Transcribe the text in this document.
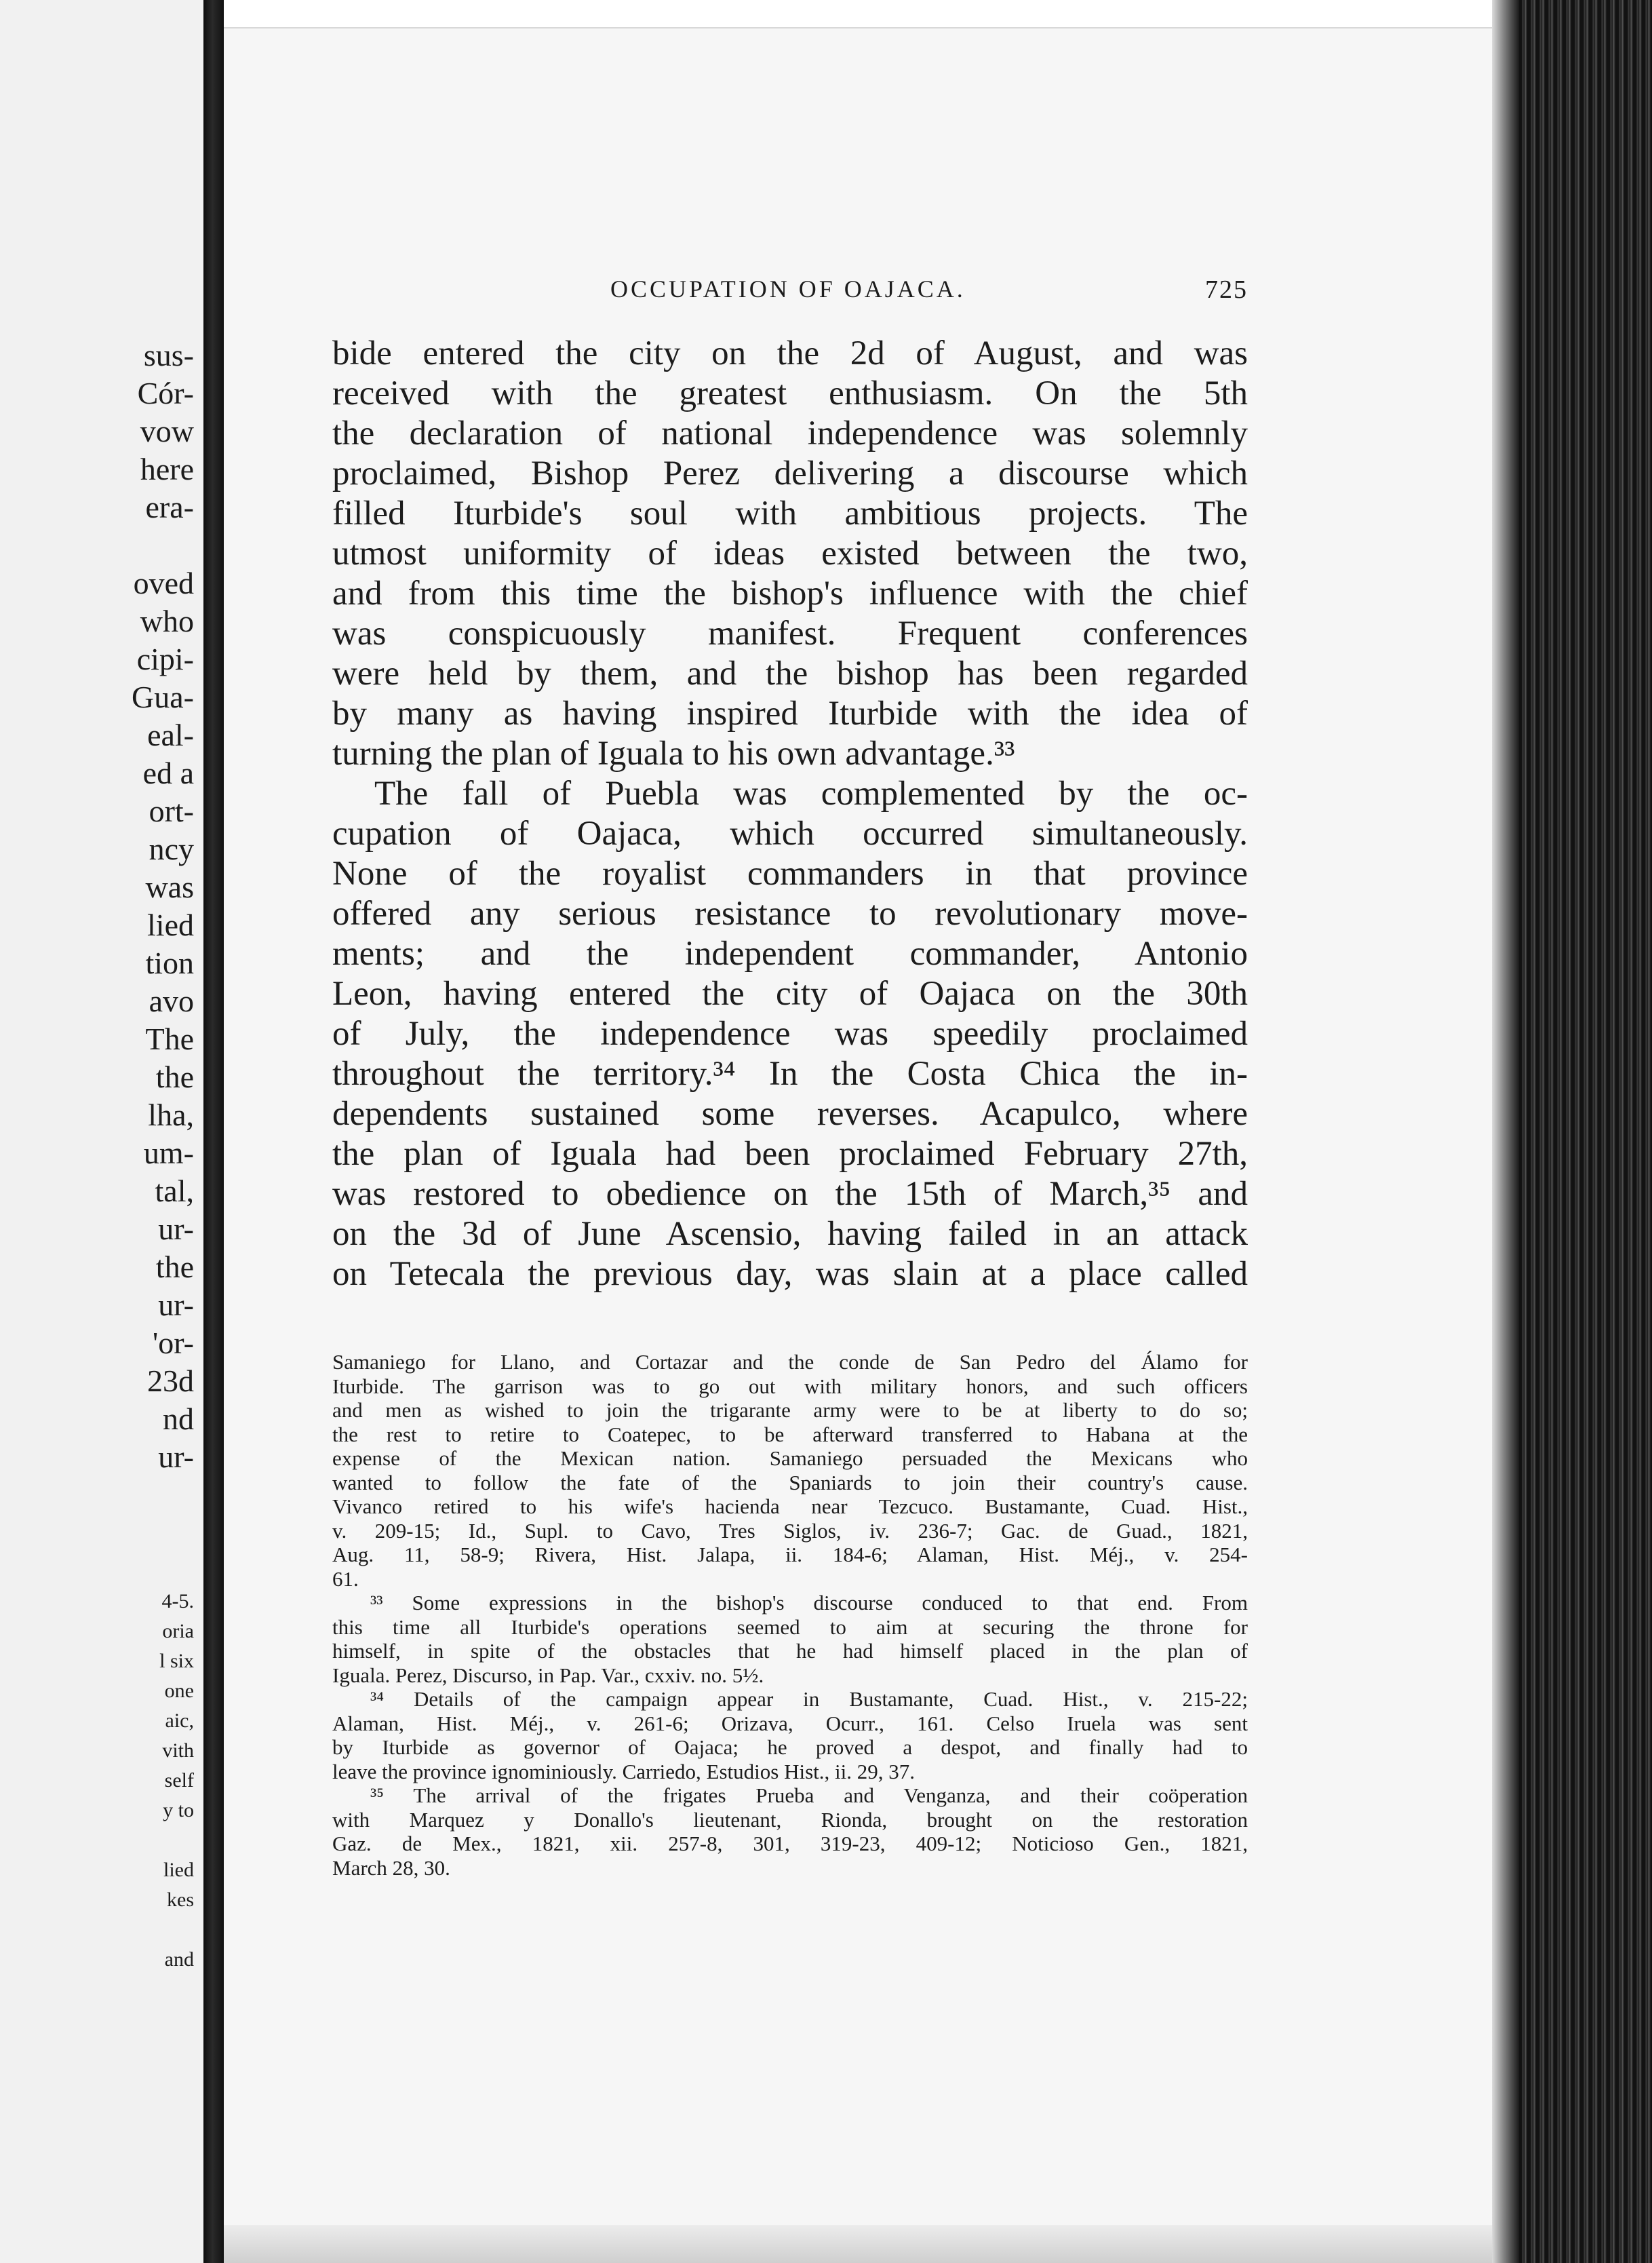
sus-
Cór-
vow
here
era-
oved
who
cipi-
Gua-
eal-
ed a
ort-
ncy
was
lied
tion
avo
The
the
lha,
um-
tal,
ur-
the
ur-
'or-
23d
nd
ur-
4-5.
oria
l six
one
aic,
vith
self
y to
lied
kes
and
OCCUPATION OF OAJACA.	725
bide entered the city on the 2d of August, and was
received with the greatest enthusiasm. On the 5th
the declaration of national independence was solemnly
proclaimed, Bishop Perez delivering a discourse which
filled Iturbide's soul with ambitious projects. The
utmost uniformity of ideas existed between the two,
and from this time the bishop's influence with the chief
was conspicuously manifest. Frequent conferences
were held by them, and the bishop has been regarded
by many as having inspired Iturbide with the idea of
turning the plan of Iguala to his own advantage.³³
The fall of Puebla was complemented by the oc-
cupation of Oajaca, which occurred simultaneously.
None of the royalist commanders in that province
offered any serious resistance to revolutionary move-
ments; and the independent commander, Antonio
Leon, having entered the city of Oajaca on the 30th
of July, the independence was speedily proclaimed
throughout the territory.³⁴ In the Costa Chica the in-
dependents sustained some reverses. Acapulco, where
the plan of Iguala had been proclaimed February 27th,
was restored to obedience on the 15th of March,³⁵ and
on the 3d of June Ascensio, having failed in an attack
on Tetecala the previous day, was slain at a place called
Samaniego for Llano, and Cortazar and the conde de San Pedro del Álamo for
Iturbide. The garrison was to go out with military honors, and such officers
and men as wished to join the trigarante army were to be at liberty to do so;
the rest to retire to Coatepec, to be afterward transferred to Habana at the
expense of the Mexican nation. Samaniego persuaded the Mexicans who
wanted to follow the fate of the Spaniards to join their country's cause.
Vivanco retired to his wife's hacienda near Tezcuco. Bustamante, Cuad. Hist.,
v. 209-15; Id., Supl. to Cavo, Tres Siglos, iv. 236-7; Gac. de Guad., 1821,
Aug. 11, 58-9; Rivera, Hist. Jalapa, ii. 184-6; Alaman, Hist. Méj., v. 254-
61.
³³ Some expressions in the bishop's discourse conduced to that end. From
this time all Iturbide's operations seemed to aim at securing the throne for
himself, in spite of the obstacles that he had himself placed in the plan of
Iguala. Perez, Discurso, in Pap. Var., cxxiv. no. 5½.
³⁴ Details of the campaign appear in Bustamante, Cuad. Hist., v. 215-22;
Alaman, Hist. Méj., v. 261-6; Orizava, Ocurr., 161. Celso Iruela was sent
by Iturbide as governor of Oajaca; he proved a despot, and finally had to
leave the province ignominiously. Carriedo, Estudios Hist., ii. 29, 37.
³⁵ The arrival of the frigates Prueba and Venganza, and their coöperation
with Marquez y Donallo's lieutenant, Rionda, brought on the restoration
Gaz. de Mex., 1821, xii. 257-8, 301, 319-23, 409-12; Noticioso Gen., 1821,
March 28, 30.
